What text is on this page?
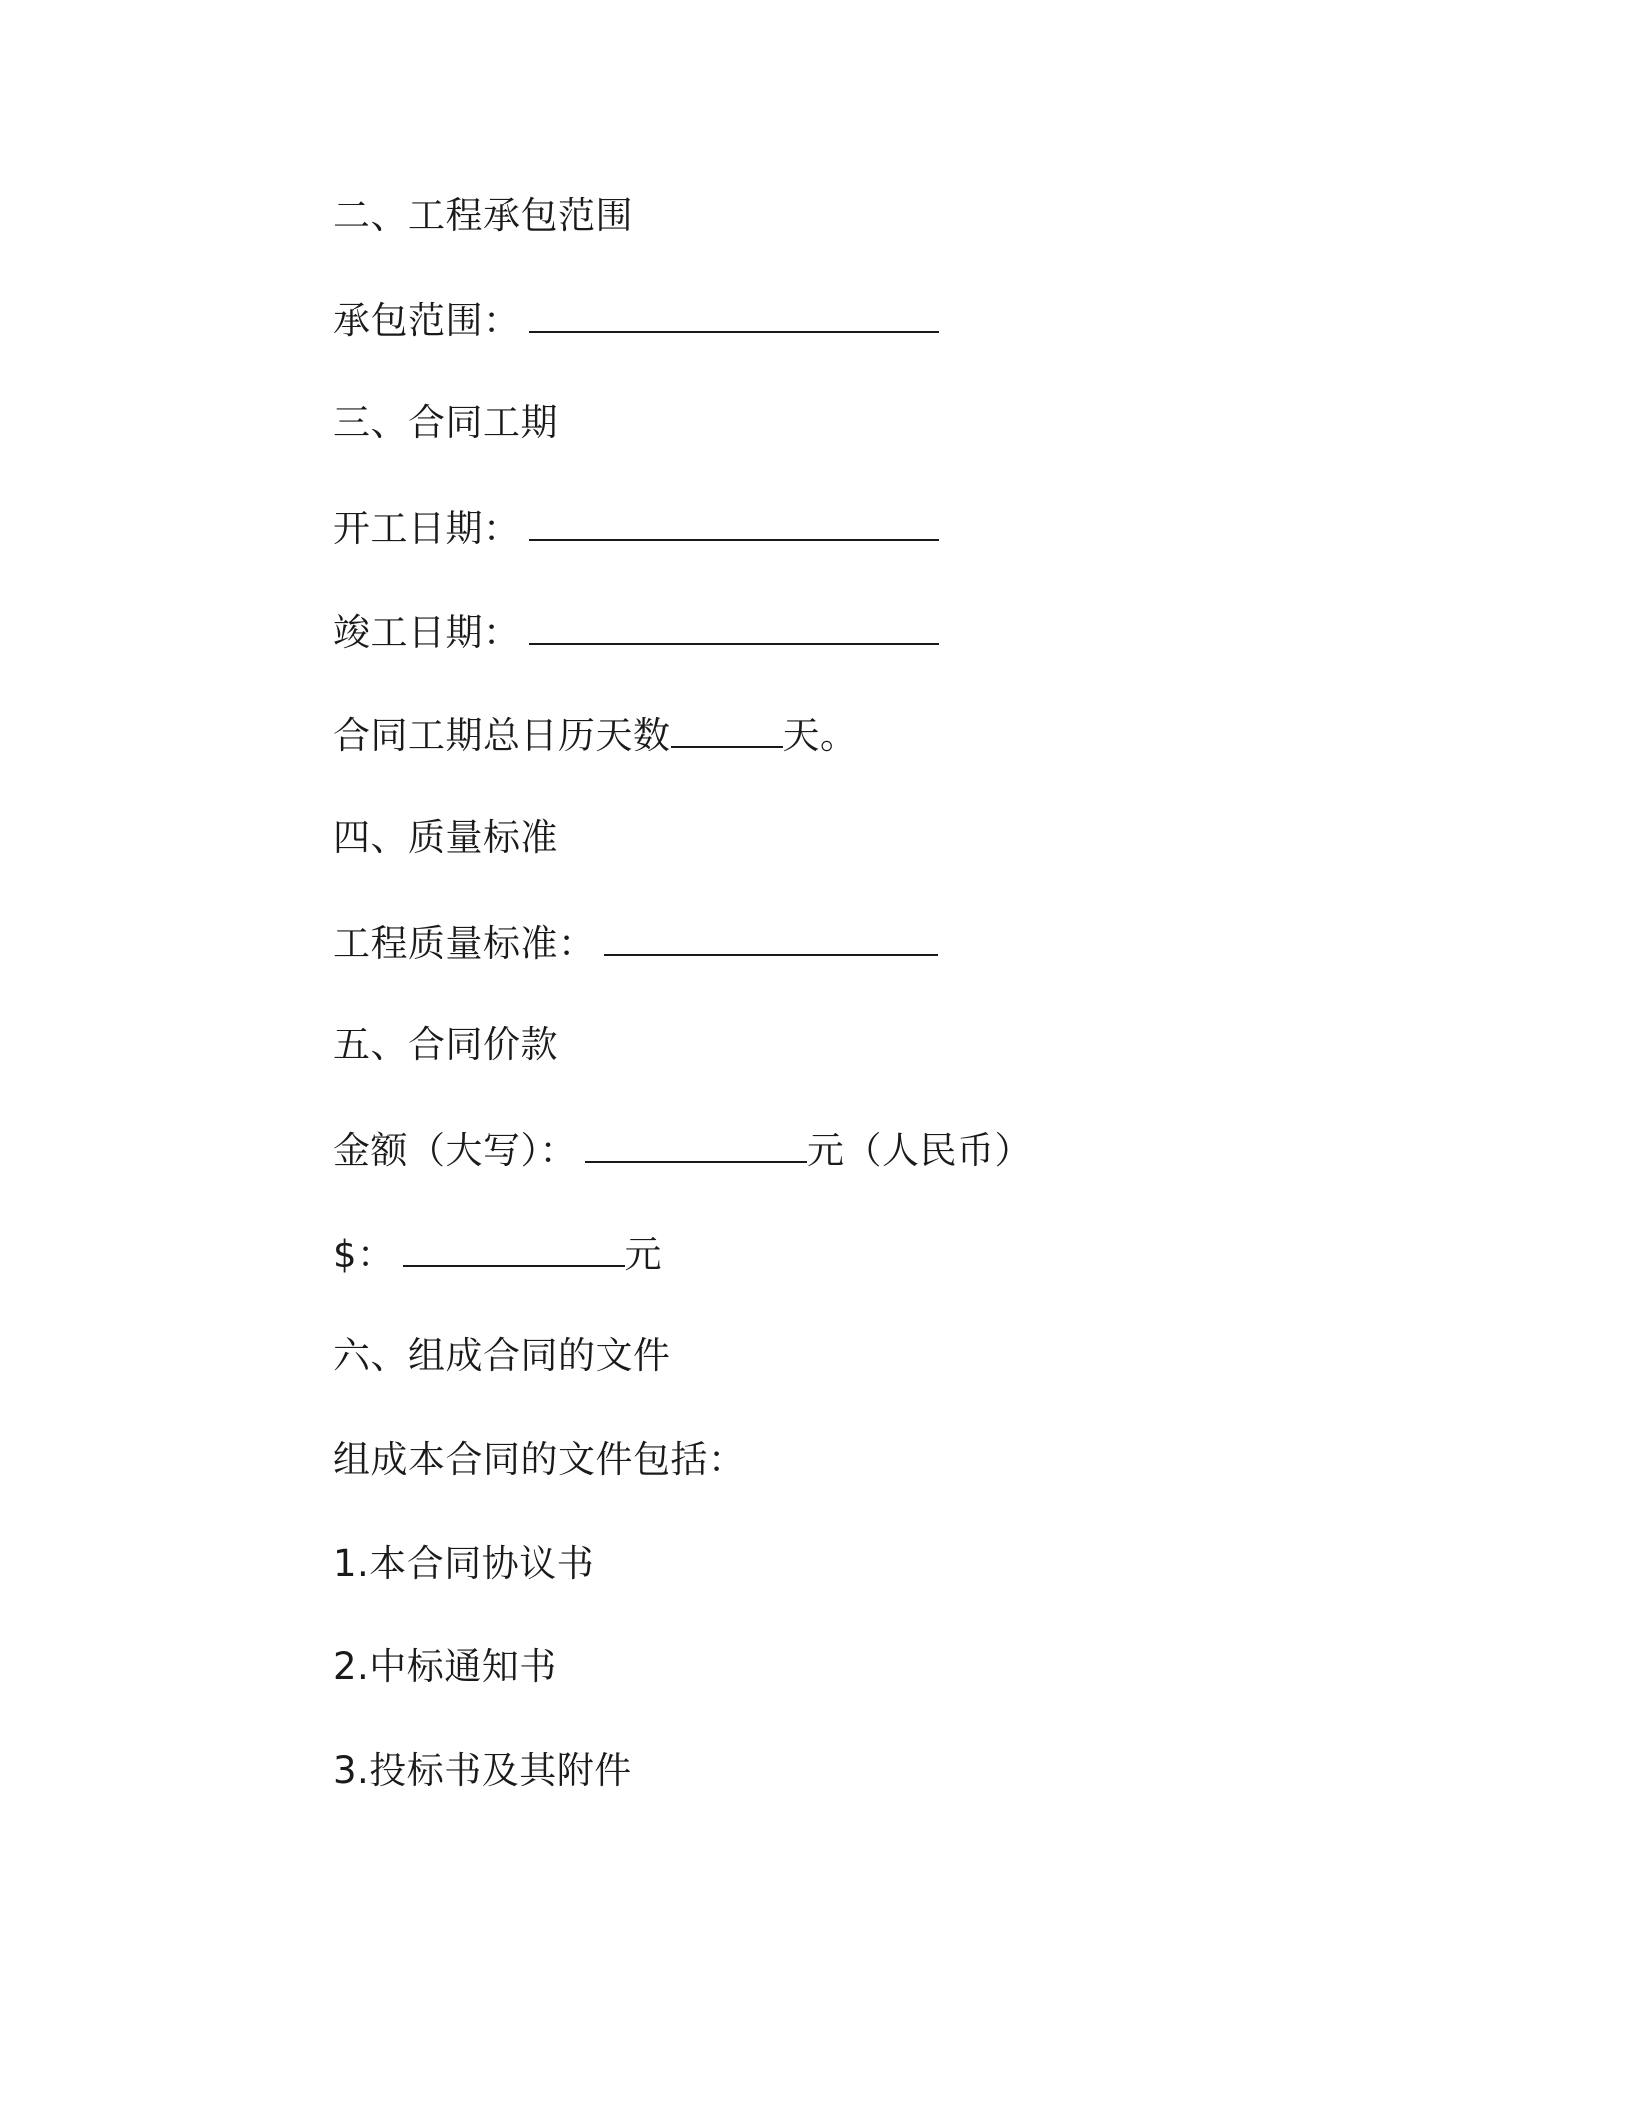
二、工程承包范围
承包范围：
三、合同工期
开工日期：
竣工日期：
合同工期总日历天数	天。
四、质量标准
工程质量标准：
五、合同价款
金额（大写）：	元（人民币）
$：	元
六、组成合同的文件
组成本合同的文件包括：
1.本合同协议书
2.中标通知书
3.投标书及其附件
